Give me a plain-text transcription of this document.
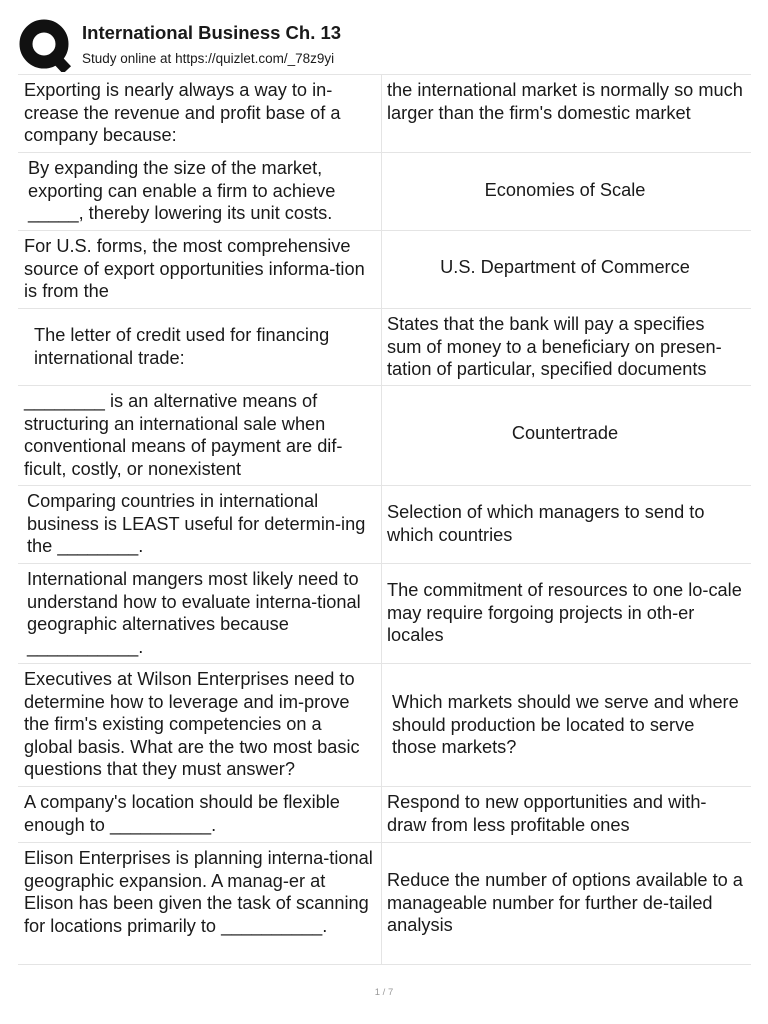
International Business Ch. 13
Study online at https://quizlet.com/_78z9yi
Exporting is nearly always a way to in-crease the revenue and profit base of a company because:
the international market is normally so much larger than the firm's domestic market
By expanding the size of the market, exporting can enable a firm to achieve _____, thereby lowering its unit costs.
Economies of Scale
For U.S. forms, the most comprehensive source of export opportunities informa-tion is from the
U.S. Department of Commerce
The letter of credit used for financing international trade:
States that the bank will pay a specifies sum of money to a beneficiary on presen-tation of particular, specified documents
________ is an alternative means of structuring an international sale when conventional means of payment are dif-ficult, costly, or nonexistent
Countertrade
Comparing countries in international business is LEAST useful for determin-ing the ________.
Selection of which managers to send to which countries
International mangers most likely need to understand how to evaluate interna-tional geographic alternatives because ___________.
The commitment of resources to one lo-cale may require forgoing projects in oth-er locales
Executives at Wilson Enterprises need to determine how to leverage and im-prove the firm's existing competencies on a global basis. What are the two most basic questions that they must answer?
Which markets should we serve and where should production be located to serve those markets?
A company's location should be flexible enough to __________.
Respond to new opportunities and with-draw from less profitable ones
Elison Enterprises is planning interna-tional geographic expansion. A manag-er at Elison has been given the task of scanning for locations primarily to __________.
Reduce the number of options available to a manageable number for further de-tailed analysis
1 / 7
